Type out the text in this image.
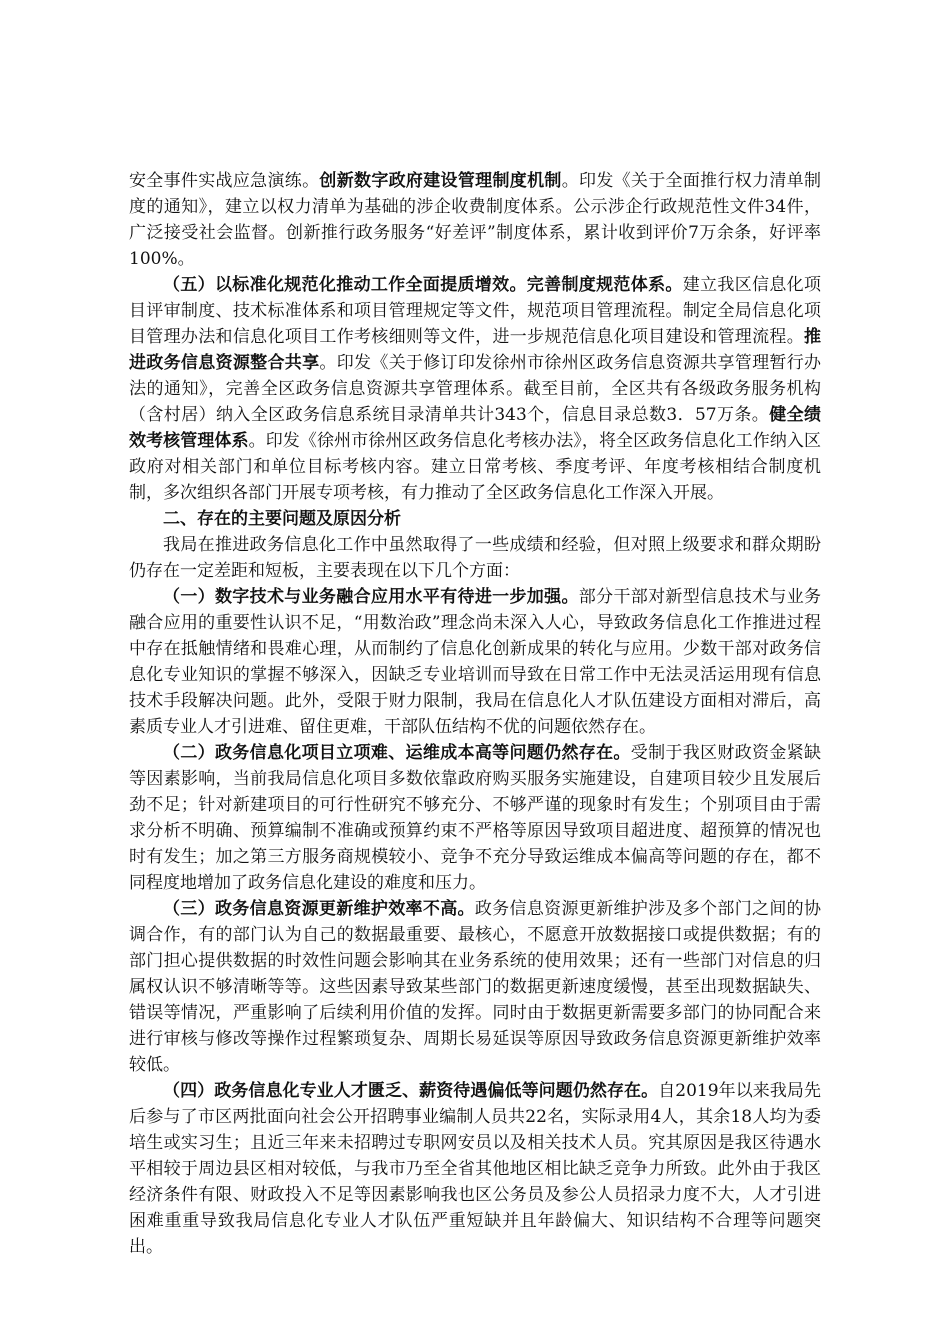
安全事件实战应急演练。创新数字政府建设管理制度机制。印发《关于全面推行权力清单制度的通知》，建立以权力清单为基础的涉企收费制度体系。公示涉企行政规范性文件34件，广泛接受社会监督。创新推行政务服务“好差评”制度体系，累计收到评价7万余条，好评率100%。

（五）以标准化规范化推动工作全面提质增效。完善制度规范体系。建立我区信息化项目评审制度、技术标准体系和项目管理规定等文件，规范项目管理流程。制定全局信息化项目管理办法和信息化项目工作考核细则等文件，进一步规范信息化项目建设和管理流程。推进政务信息资源整合共享。印发《关于修订印发徐州市徐州区政务信息资源共享管理暂行办法的通知》，完善全区政务信息资源共享管理体系。截至目前，全区共有各级政务服务机构（含村居）纳入全区政务信息系统目录清单共计343个，信息目录总数3．57万条。健全绩效考核管理体系。印发《徐州市徐州区政务信息化考核办法》，将全区政务信息化工作纳入区政府对相关部门和单位目标考核内容。建立日常考核、季度考评、年度考核相结合制度机制，多次组织各部门开展专项考核，有力推动了全区政务信息化工作深入开展。

二、存在的主要问题及原因分析

我局在推进政务信息化工作中虽然取得了一些成绩和经验，但对照上级要求和群众期盼仍存在一定差距和短板，主要表现在以下几个方面：

（一）数字技术与业务融合应用水平有待进一步加强。部分干部对新型信息技术与业务融合应用的重要性认识不足，“用数治政”理念尚未深入人心，导致政务信息化工作推进过程中存在抵触情绪和畏难心理，从而制约了信息化创新成果的转化与应用。少数干部对政务信息化专业知识的掌握不够深入，因缺乏专业培训而导致在日常工作中无法灵活运用现有信息技术手段解决问题。此外，受限于财力限制，我局在信息化人才队伍建设方面相对滞后，高素质专业人才引进难、留住更难，干部队伍结构不优的问题依然存在。

（二）政务信息化项目立项难、运维成本高等问题仍然存在。受制于我区财政资金紧缺等因素影响，当前我局信息化项目多数依靠政府购买服务实施建设，自建项目较少且发展后劲不足；针对新建项目的可行性研究不够充分、不够严谨的现象时有发生；个别项目由于需求分析不明确、预算编制不准确或预算约束不严格等原因导致项目超进度、超预算的情况也时有发生；加之第三方服务商规模较小、竞争不充分导致运维成本偏高等问题的存在，都不同程度地增加了政务信息化建设的难度和压力。

（三）政务信息资源更新维护效率不高。政务信息资源更新维护涉及多个部门之间的协调合作，有的部门认为自己的数据最重要、最核心，不愿意开放数据接口或提供数据；有的部门担心提供数据的时效性问题会影响其在业务系统的使用效果；还有一些部门对信息的归属权认识不够清晰等等。这些因素导致某些部门的数据更新速度缓慢，甚至出现数据缺失、错误等情况，严重影响了后续利用价值的发挥。同时由于数据更新需要多部门的协同配合来进行审核与修改等操作过程繁琐复杂、周期长易延误等原因导致政务信息资源更新维护效率较低。

（四）政务信息化专业人才匮乏、薪资待遇偏低等问题仍然存在。自2019年以来我局先后参与了市区两批面向社会公开招聘事业编制人员共22名，实际录用4人，其余18人均为委培生或实习生；且近三年来未招聘过专职网安员以及相关技术人员。究其原因是我区待遇水平相较于周边县区相对较低，与我市乃至全省其他地区相比缺乏竞争力所致。此外由于我区经济条件有限、财政投入不足等因素影响我也区公务员及参公人员招录力度不大，人才引进困难重重导致我局信息化专业人才队伍严重短缺并且年龄偏大、知识结构不合理等问题突出。
